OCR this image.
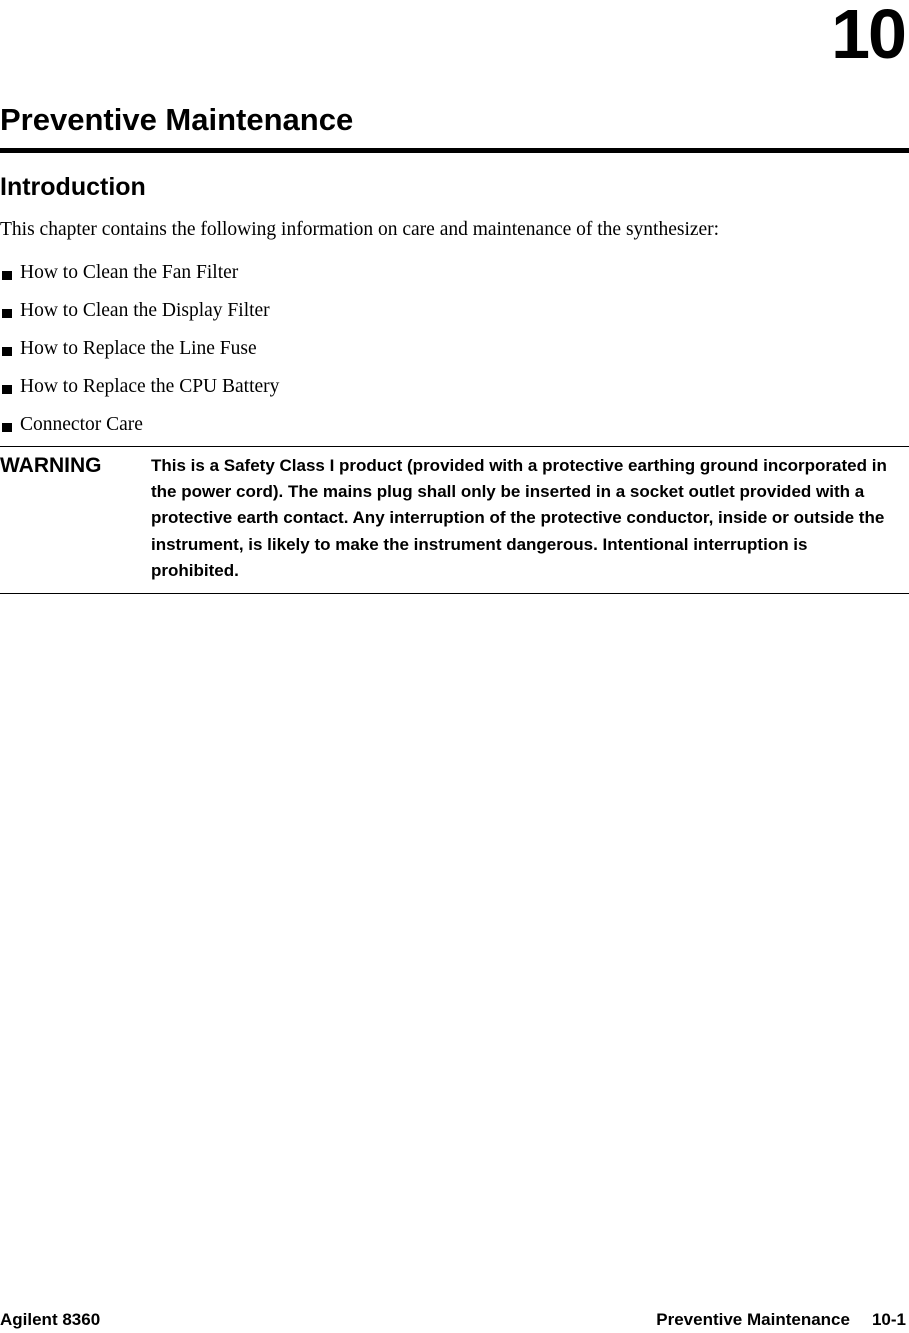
10
Preventive Maintenance
Introduction

This chapter contains the following information on care and maintenance of the synthesizer:

How to Clean the Fan Filter
How to Clean the Display Filter
How to Replace the Line Fuse
How to Replace the CPU Battery
Connector Care
WARNING	This is a Safety Class I product (provided with a protective earthing ground incorporated in the power cord). The mains plug shall only be inserted in a socket outlet provided with a protective earth contact. Any interruption of the protective conductor, inside or outside the instrument, is likely to make the instrument dangerous. Intentional interruption is prohibited.
Agilent 8360	Preventive Maintenance 10-1
